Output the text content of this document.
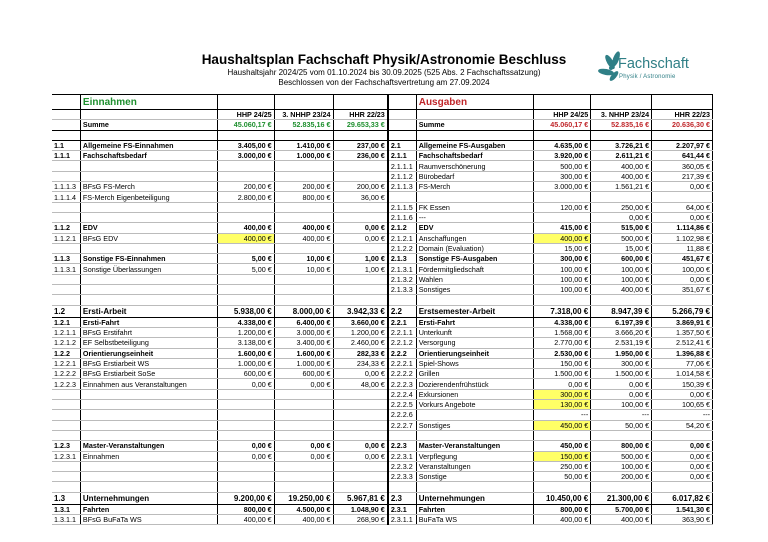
Haushaltsplan Fachschaft Physik/Astronomie Beschluss
Haushaltsjahr 2024/25 vom 01.10.2024 bis 30.09.2025 (525 Abs. 2 Fachschaftssatzung)
Beschlossen von der Fachschaftsvertretung am 27.09.2024
Fachschaft
Physik / Astronomie
	Einnahmen					Ausgaben			
		HHP 24/25	3. NHHP 23/24	HHR 22/23			HHP 24/25	3. NHHP 23/24	HHR 22/23
	Summe	45.060,17 €	52.835,16 €	29.653,33 €		Summe	45.060,17 €	52.835,16 €	20.636,30 €

1.1	Allgemeine FS-Einnahmen	3.405,00 €	1.410,00 €	237,00 €	2.1	Allgemeine FS-Ausgaben	4.635,00 €	3.726,21 €	2.207,97 €
1.1.1	Fachschaftsbedarf	3.000,00 €	1.000,00 €	236,00 €	2.1.1	Fachschaftsbedarf	3.920,00 €	2.611,21 €	641,44 €
					2.1.1.1	Raumverschönerung	500,00 €	400,00 €	360,05 €
					2.1.1.2	Bürobedarf	300,00 €	400,00 €	217,39 €
1.1.1.3	BFsG FS-Merch	200,00 €	200,00 €	200,00 €	2.1.1.3	FS-Merch	3.000,00 €	1.561,21 €	0,00 €
1.1.1.4	FS-Merch Eigenbeteiligung	2.800,00 €	800,00 €	36,00 €					
					2.1.1.5	FK Essen	120,00 €	250,00 €	64,00 €
					2.1.1.6	---		0,00 €	0,00 €
1.1.2	EDV	400,00 €	400,00 €	0,00 €	2.1.2	EDV	415,00 €	515,00 €	1.114,86 €
1.1.2.1	BFsG EDV	400,00 €	400,00 €	0,00 €	2.1.2.1	Anschaffungen	400,00 €	500,00 €	1.102,98 €
					2.1.2.2	Domain (Evaluation)	15,00 €	15,00 €	11,88 €
1.1.3	Sonstige FS-Einnahmen	5,00 €	10,00 €	1,00 €	2.1.3	Sonstige FS-Ausgaben	300,00 €	600,00 €	451,67 €
1.1.3.1	Sonstige Überlassungen	5,00 €	10,00 €	1,00 €	2.1.3.1	Fördermitgliedschaft	100,00 €	100,00 €	100,00 €
					2.1.3.2	Wahlen	100,00 €	100,00 €	0,00 €
					2.1.3.3	Sonstiges	100,00 €	400,00 €	351,67 €

1.2	Ersti-Arbeit	5.938,00 €	8.000,00 €	3.942,33 €	2.2	Erstsemester-Arbeit	7.318,00 €	8.947,39 €	5.266,79 €
1.2.1	Ersti-Fahrt	4.338,00 €	6.400,00 €	3.660,00 €	2.2.1	Ersti-Fahrt	4.338,00 €	6.197,39 €	3.869,91 €
1.2.1.1	BFsG Erstifahrt	1.200,00 €	3.000,00 €	1.200,00 €	2.2.1.1	Unterkunft	1.568,00 €	3.666,20 €	1.357,50 €
1.2.1.2	EF Selbstbeteiligung	3.138,00 €	3.400,00 €	2.460,00 €	2.2.1.2	Versorgung	2.770,00 €	2.531,19 €	2.512,41 €
1.2.2	Orientierungseinheit	1.600,00 €	1.600,00 €	282,33 €	2.2.2	Orientierungseinheit	2.530,00 €	1.950,00 €	1.396,88 €
1.2.2.1	BFsG Erstiarbeit WS	1.000,00 €	1.000,00 €	234,33 €	2.2.2.1	Spiel-Shows	150,00 €	300,00 €	77,06 €
1.2.2.2	BFsG Erstiarbeit SoSe	600,00 €	600,00 €	0,00 €	2.2.2.2	Grillen	1.500,00 €	1.500,00 €	1.014,58 €
1.2.2.3	Einnahmen aus Veranstaltungen	0,00 €	0,00 €	48,00 €	2.2.2.3	Dozierendenfrühstück	0,00 €	0,00 €	150,39 €
					2.2.2.4	Exkursionen	300,00 €	0,00 €	0,00 €
					2.2.2.5	Vorkurs Angebote	130,00 €	100,00 €	100,65 €
					2.2.2.6		---	---	---
					2.2.2.7	Sonstiges	450,00 €	50,00 €	54,20 €

1.2.3	Master-Veranstaltungen	0,00 €	0,00 €	0,00 €	2.2.3	Master-Veranstaltungen	450,00 €	800,00 €	0,00 €
1.2.3.1	Einnahmen	0,00 €	0,00 €	0,00 €	2.2.3.1	Verpflegung	150,00 €	500,00 €	0,00 €
					2.2.3.2	Veranstaltungen	250,00 €	100,00 €	0,00 €
					2.2.3.3	Sonstige	50,00 €	200,00 €	0,00 €

1.3	Unternehmungen	9.200,00 €	19.250,00 €	5.967,81 €	2.3	Unternehmungen	10.450,00 €	21.300,00 €	6.017,82 €
1.3.1	Fahrten	800,00 €	4.500,00 €	1.048,90 €	2.3.1	Fahrten	800,00 €	5.700,00 €	1.541,30 €
1.3.1.1	BFsG BuFaTa WS	400,00 €	400,00 €	268,90 €	2.3.1.1	BuFaTa WS	400,00 €	400,00 €	363,90 €
